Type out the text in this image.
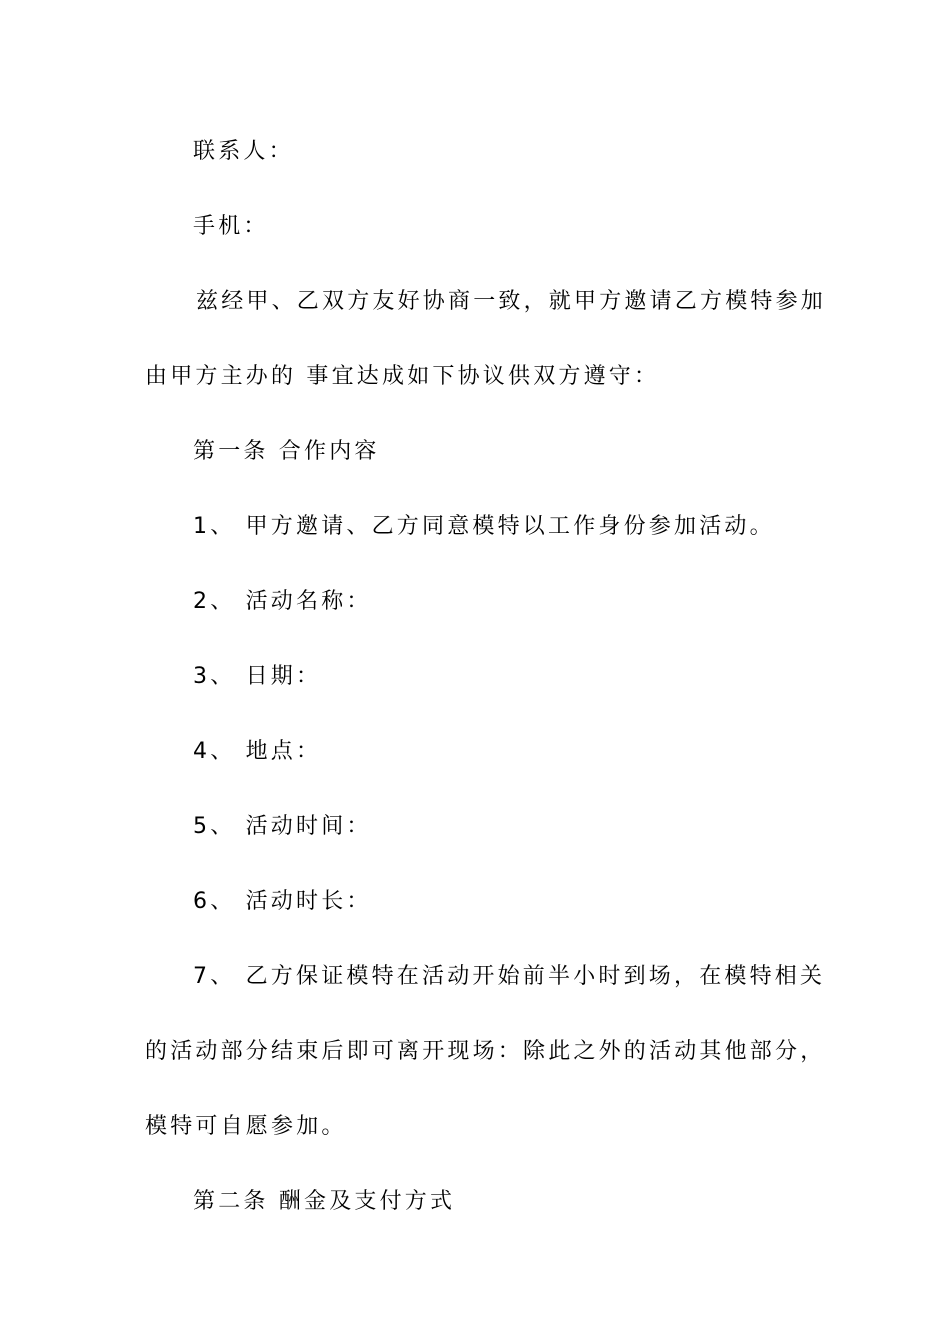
联系人：
手机：
兹经甲、乙双方友好协商一致，就甲方邀请乙方模特参加
由甲方主办的 事宜达成如下协议供双方遵守：
第一条 合作内容
1、 甲方邀请、乙方同意模特以工作身份参加活动。
2、 活动名称：
3、 日期：
4、 地点：
5、 活动时间：
6、 活动时长：
7、 乙方保证模特在活动开始前半小时到场，在模特相关
的活动部分结束后即可离开现场：除此之外的活动其他部分，
模特可自愿参加。
第二条 酬金及支付方式
